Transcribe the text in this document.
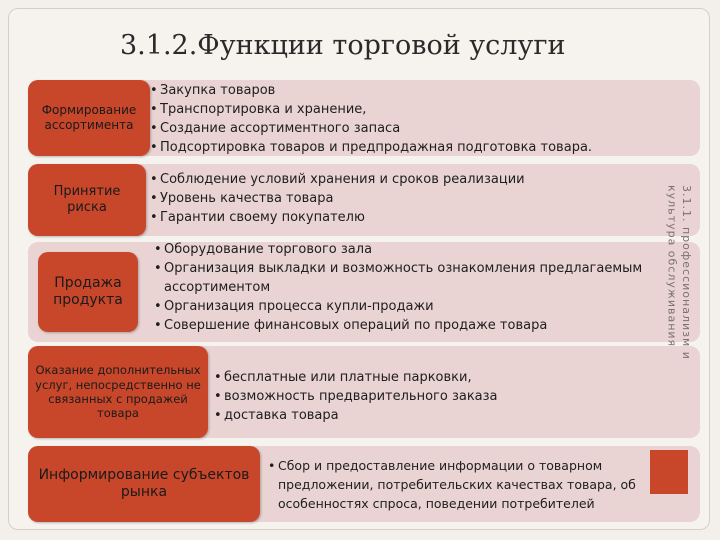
3.1.2.Функции торговой услуги
Формирование ассортимента
• Закупка товаров
• Транспортировка и хранение,
• Создание ассортиментного запаса
• Подсортировка товаров и предпродажная подготовка товара.
Принятие риска
• Соблюдение условий хранения и сроков реализации
• Уровень качества товара
• Гарантии своему покупателю
Продажа продукта
• Оборудование торгового зала
• Организация выкладки и возможность ознакомления предлагаемым ассортиментом
• Организация процесса купли-продажи
• Совершение финансовых операций по продаже товара
Оказание дополнительных услуг, непосредственно не связанных с продажей товара
• бесплатные или платные парковки,
• возможность предварительного заказа
• доставка товара
Информирование субъектов рынка
• Сбор и предоставление информации о товарном предложении, потребительских качествах товара, об особенностях спроса, поведении потребителей
3.1.1. профессионализм и культура обслуживания
